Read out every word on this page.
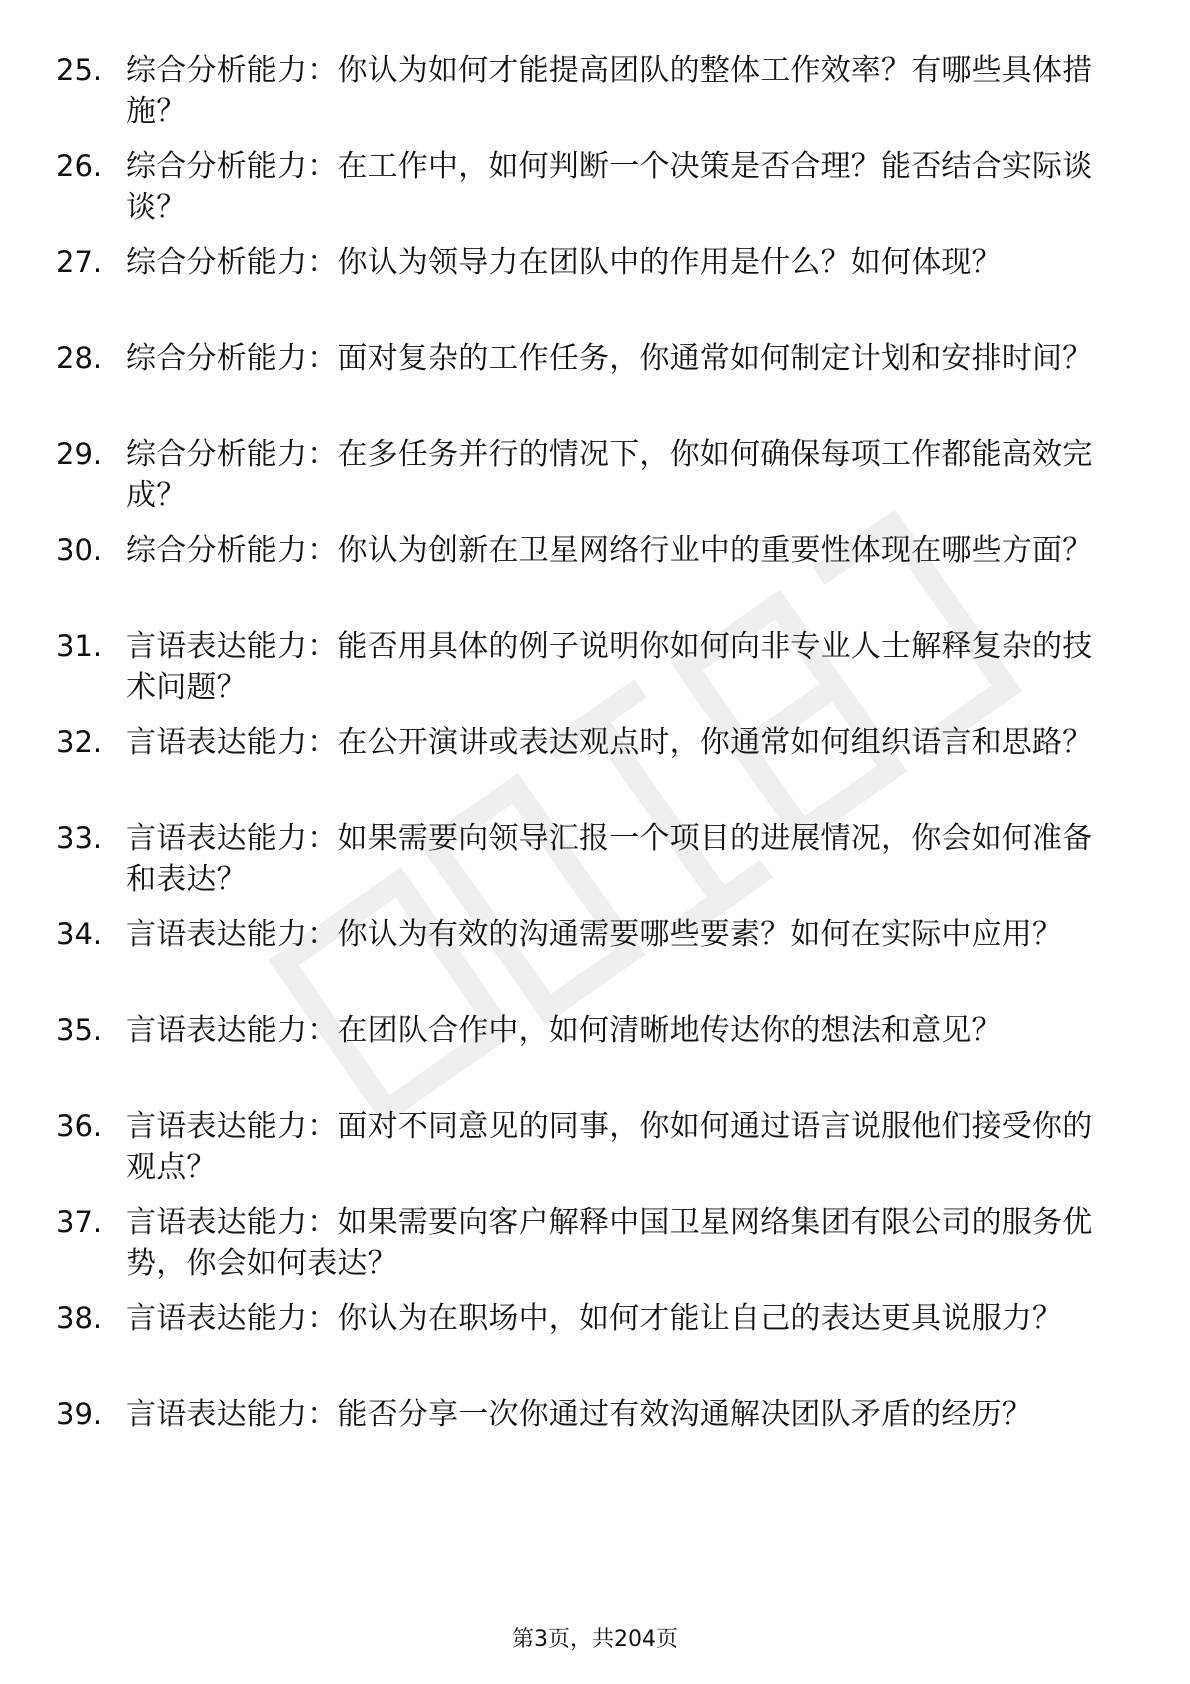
25. 综合分析能力：你认为如何才能提高团队的整体工作效率？有哪些具体措施？
26. 综合分析能力：在工作中，如何判断一个决策是否合理？能否结合实际谈谈？
27. 综合分析能力：你认为领导力在团队中的作用是什么？如何体现？
28. 综合分析能力：面对复杂的工作任务，你通常如何制定计划和安排时间？
29. 综合分析能力：在多任务并行的情况下，你如何确保每项工作都能高效完成？
30. 综合分析能力：你认为创新在卫星网络行业中的重要性体现在哪些方面？
31. 言语表达能力：能否用具体的例子说明你如何向非专业人士解释复杂的技术问题？
32. 言语表达能力：在公开演讲或表达观点时，你通常如何组织语言和思路？
33. 言语表达能力：如果需要向领导汇报一个项目的进展情况，你会如何准备和表达？
34. 言语表达能力：你认为有效的沟通需要哪些要素？如何在实际中应用？
35. 言语表达能力：在团队合作中，如何清晰地传达你的想法和意见？
36. 言语表达能力：面对不同意见的同事，你如何通过语言说服他们接受你的观点？
37. 言语表达能力：如果需要向客户解释中国卫星网络集团有限公司的服务优势，你会如何表达？
38. 言语表达能力：你认为在职场中，如何才能让自己的表达更具说服力？
39. 言语表达能力：能否分享一次你通过有效沟通解决团队矛盾的经历？
第3页，共204页
